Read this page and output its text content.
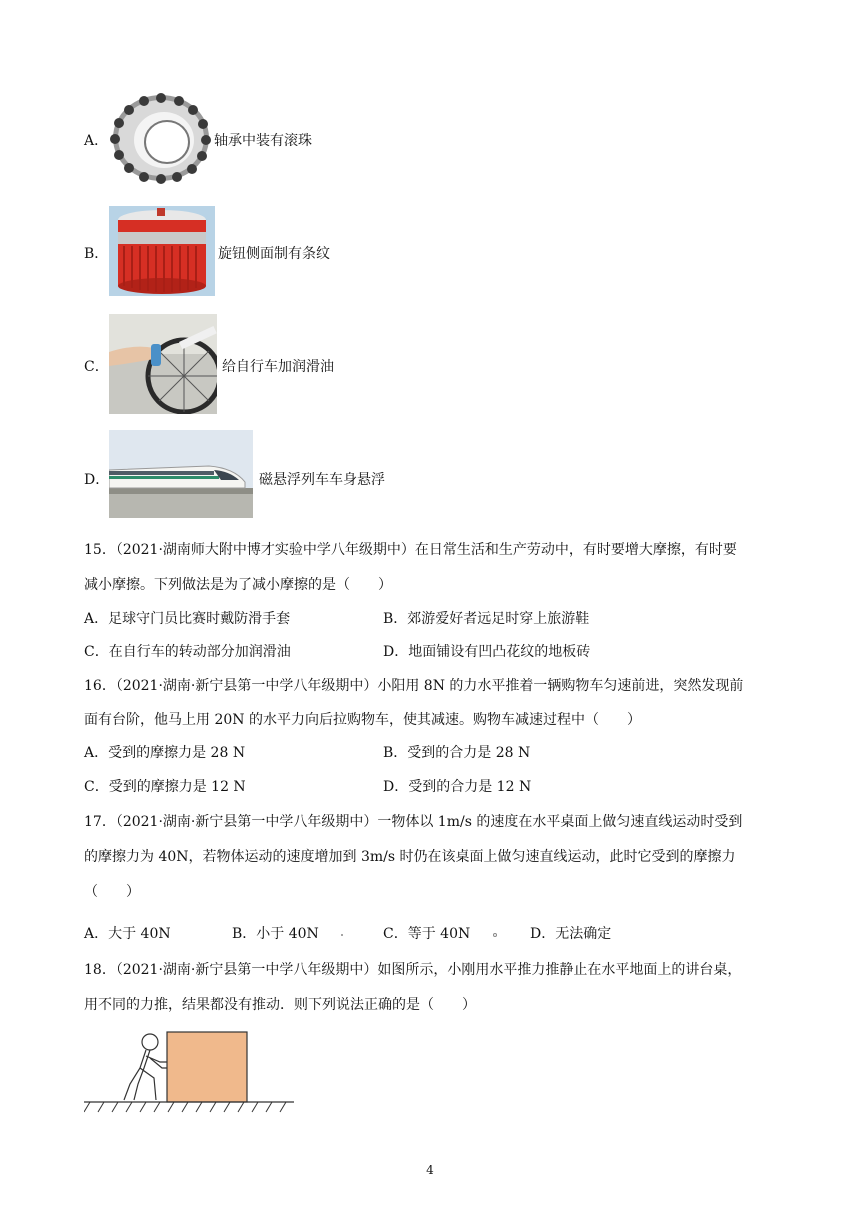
A．	轴承中装有滚珠
B．	旋钮侧面制有条纹
C．	给自行车加润滑油
D．	磁悬浮列车车身悬浮
15．（2021·湖南师大附中博才实验中学八年级期中）在日常生活和生产劳动中，有时要增大摩擦，有时要
减小摩擦。下列做法是为了减小摩擦的是（　　）
A．足球守门员比赛时戴防滑手套	B．郊游爱好者远足时穿上旅游鞋
C．在自行车的转动部分加润滑油	D．地面铺设有凹凸花纹的地板砖
16．（2021·湖南·新宁县第一中学八年级期中）小阳用 8N 的力水平推着一辆购物车匀速前进，突然发现前
面有台阶，他马上用 20N 的水平力向后拉购物车，使其减速。购物车减速过程中（　　）
A．受到的摩擦力是 28 N	B．受到的合力是 28 N
C．受到的摩擦力是 12 N	D．受到的合力是 12 N
17．（2021·湖南·新宁县第一中学八年级期中）一物体以 1m/s 的速度在水平桌面上做匀速直线运动时受到
的摩擦力为 40N，若物体运动的速度增加到 3m/s 时仍在该桌面上做匀速直线运动，此时它受到的摩擦力
（　　）
A．大于 40N	B．小于 40N	C．等于 40N	D．无法确定
18．（2021·湖南·新宁县第一中学八年级期中）如图所示，小刚用水平推力推静止在水平地面上的讲台桌，
用不同的力推，结果都没有推动．则下列说法正确的是（　　）
4
